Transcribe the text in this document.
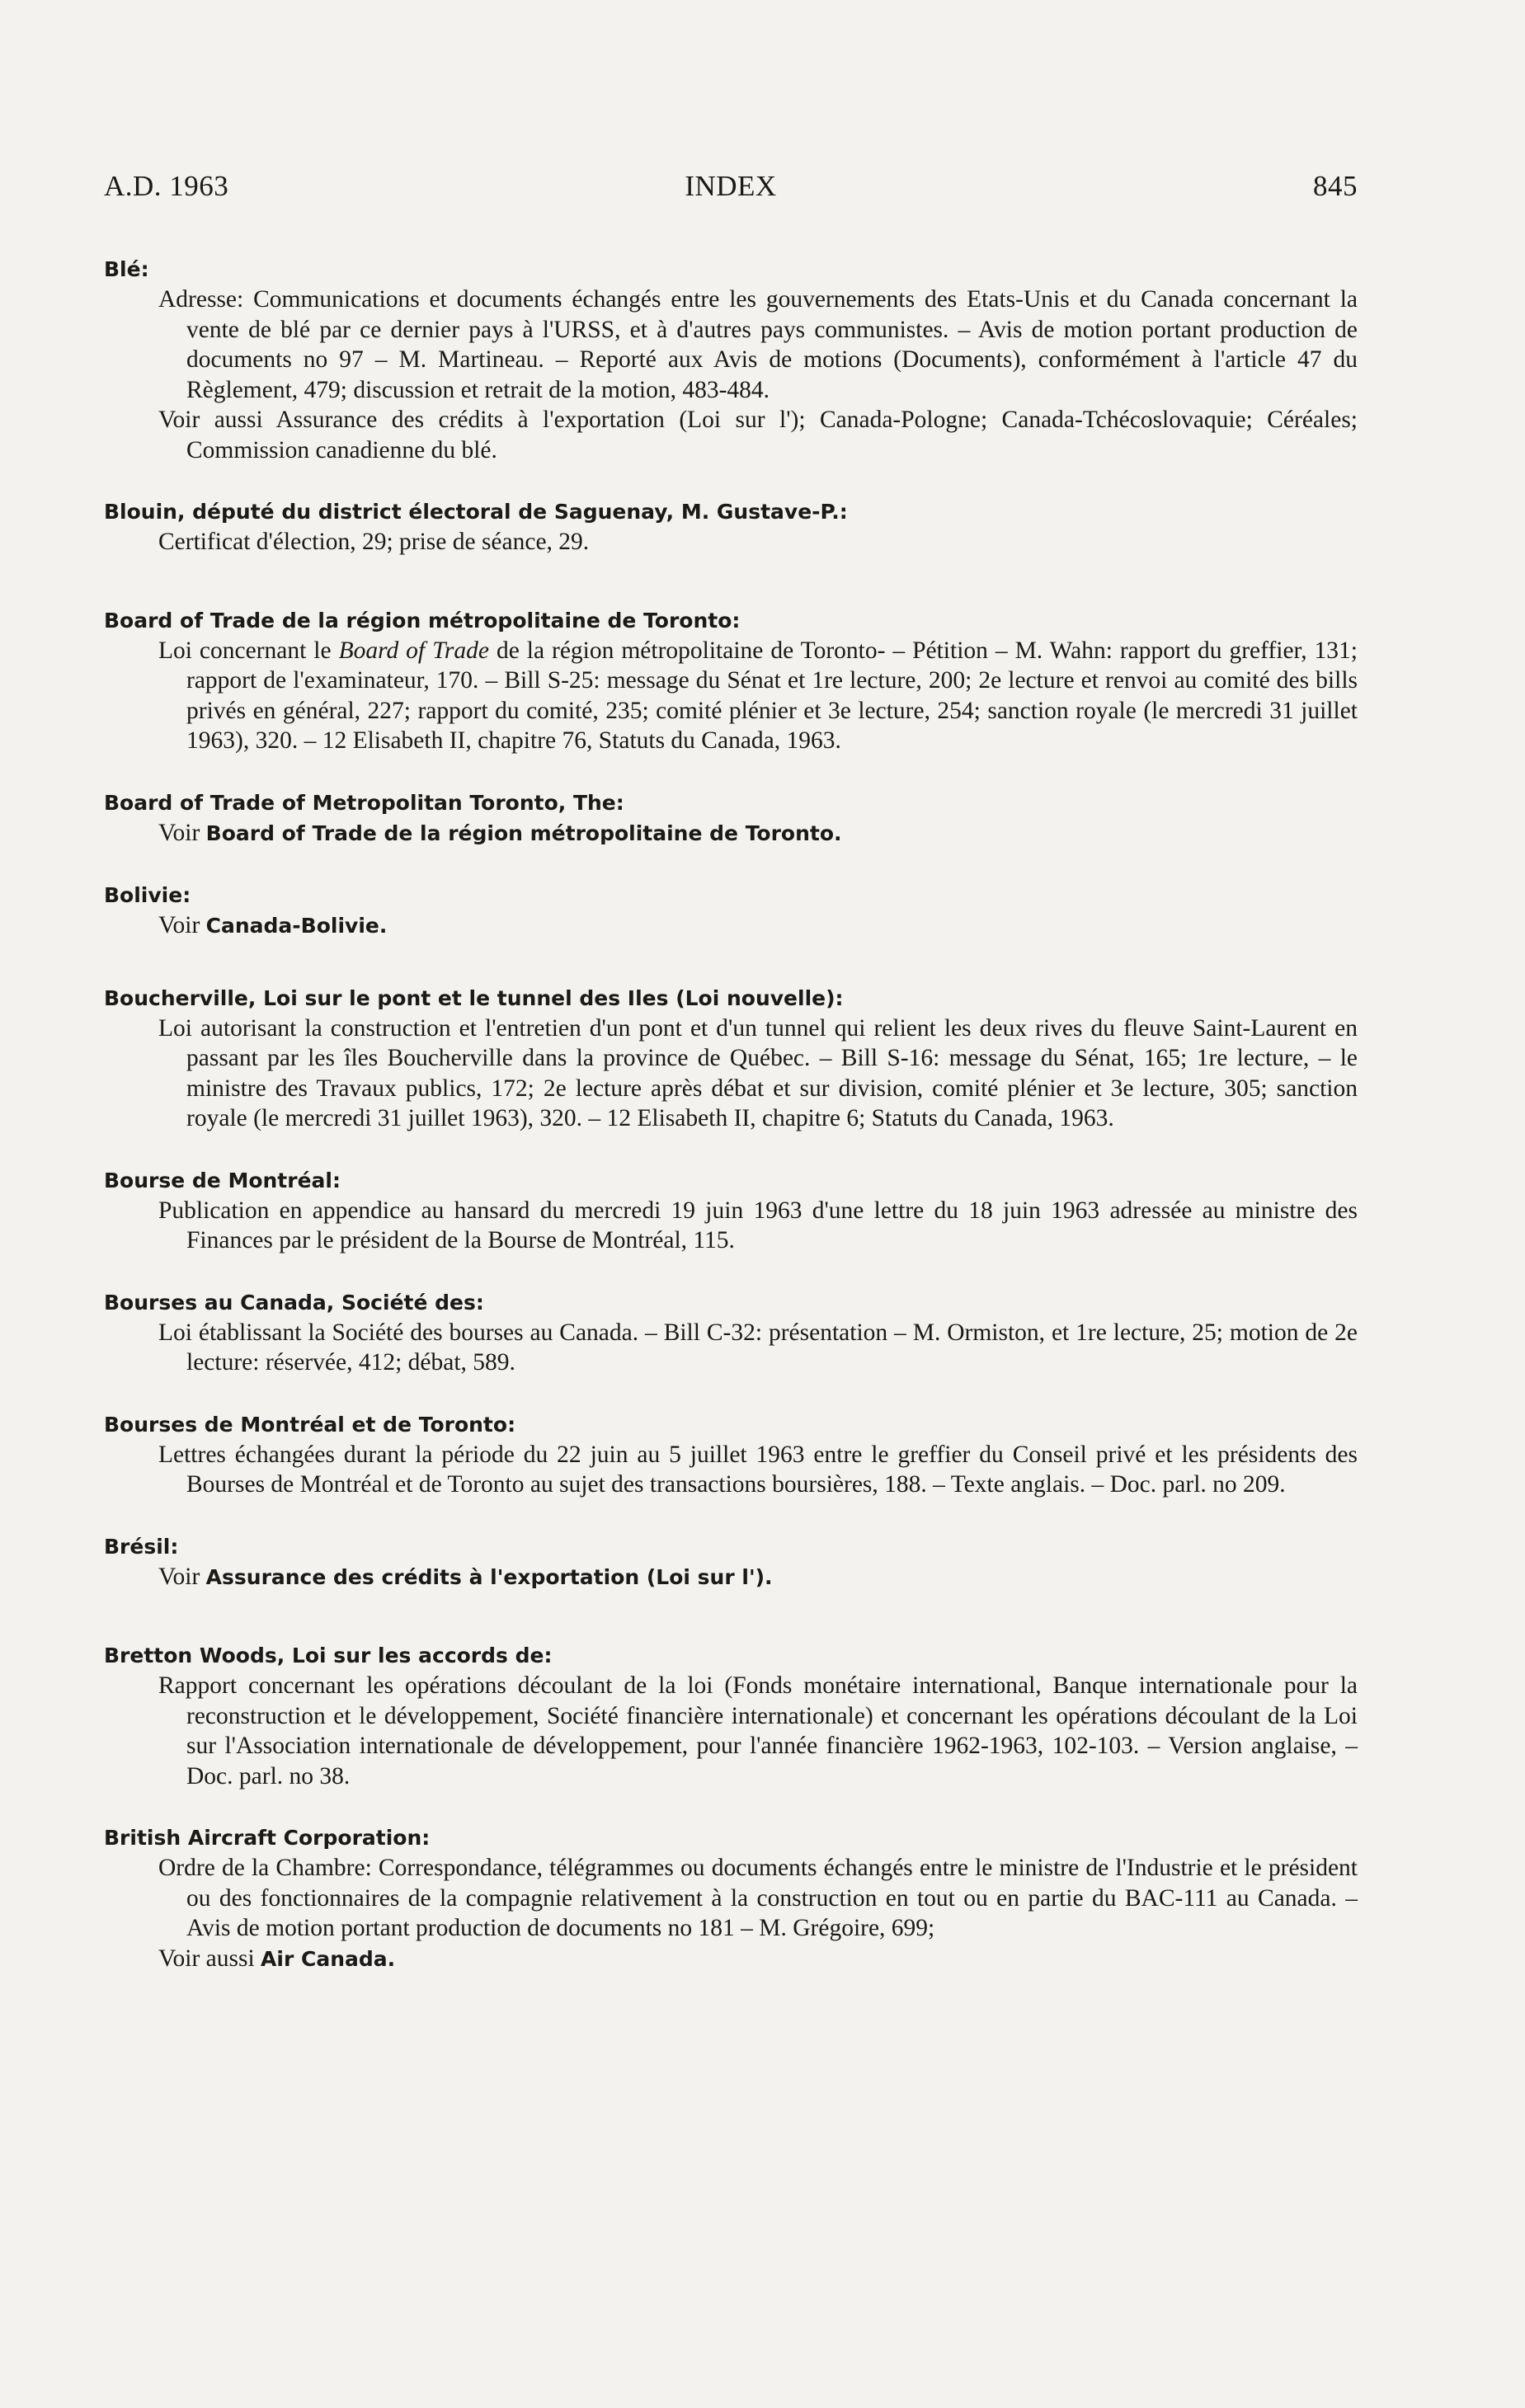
A.D. 1963	INDEX	845

Blé:

Adresse: Communications et documents échangés entre les gouvernements des Etats-Unis et du Canada concernant la vente de blé par ce dernier pays à l'URSS, et à d'autres pays communistes. – Avis de motion portant production de documents no 97 – M. Martineau. – Reporté aux Avis de motions (Documents), conformément à l'article 47 du Règlement, 479; discussion et retrait de la motion, 483-484.

Voir aussi Assurance des crédits à l'exportation (Loi sur l'); Canada-Pologne; Canada-Tchécoslovaquie; Céréales; Commission canadienne du blé.

Blouin, député du district électoral de Saguenay, M. Gustave-P.:

Certificat d'élection, 29; prise de séance, 29.

Board of Trade de la région métropolitaine de Toronto:

Loi concernant le Board of Trade de la région métropolitaine de Toronto- – Pétition – M. Wahn: rapport du greffier, 131; rapport de l'examinateur, 170. – Bill S-25: message du Sénat et 1re lecture, 200; 2e lecture et renvoi au comité des bills privés en général, 227; rapport du comité, 235; comité plénier et 3e lecture, 254; sanction royale (le mercredi 31 juillet 1963), 320. – 12 Elisabeth II, chapitre 76, Statuts du Canada, 1963.

Board of Trade of Metropolitan Toronto, The:

Voir Board of Trade de la région métropolitaine de Toronto.

Bolivie:

Voir Canada-Bolivie.

Boucherville, Loi sur le pont et le tunnel des Iles (Loi nouvelle):

Loi autorisant la construction et l'entretien d'un pont et d'un tunnel qui relient les deux rives du fleuve Saint-Laurent en passant par les îles Boucherville dans la province de Québec. – Bill S-16: message du Sénat, 165; 1re lecture, – le ministre des Travaux publics, 172; 2e lecture après débat et sur division, comité plénier et 3e lecture, 305; sanction royale (le mercredi 31 juillet 1963), 320. – 12 Elisabeth II, chapitre 6; Statuts du Canada, 1963.

Bourse de Montréal:

Publication en appendice au hansard du mercredi 19 juin 1963 d'une lettre du 18 juin 1963 adressée au ministre des Finances par le président de la Bourse de Montréal, 115.

Bourses au Canada, Société des:

Loi établissant la Société des bourses au Canada. – Bill C-32: présentation – M. Ormiston, et 1re lecture, 25; motion de 2e lecture: réservée, 412; débat, 589.

Bourses de Montréal et de Toronto:

Lettres échangées durant la période du 22 juin au 5 juillet 1963 entre le greffier du Conseil privé et les présidents des Bourses de Montréal et de Toronto au sujet des transactions boursières, 188. – Texte anglais. – Doc. parl. no 209.

Brésil:

Voir Assurance des crédits à l'exportation (Loi sur l').

Bretton Woods, Loi sur les accords de:

Rapport concernant les opérations découlant de la loi (Fonds monétaire international, Banque internationale pour la reconstruction et le développement, Société financière internationale) et concernant les opérations découlant de la Loi sur l'Association internationale de développement, pour l'année financière 1962-1963, 102-103. – Version anglaise, – Doc. parl. no 38.

British Aircraft Corporation:

Ordre de la Chambre: Correspondance, télégrammes ou documents échangés entre le ministre de l'Industrie et le président ou des fonctionnaires de la compagnie relativement à la construction en tout ou en partie du BAC-111 au Canada. – Avis de motion portant production de documents no 181 – M. Grégoire, 699;

Voir aussi Air Canada.
